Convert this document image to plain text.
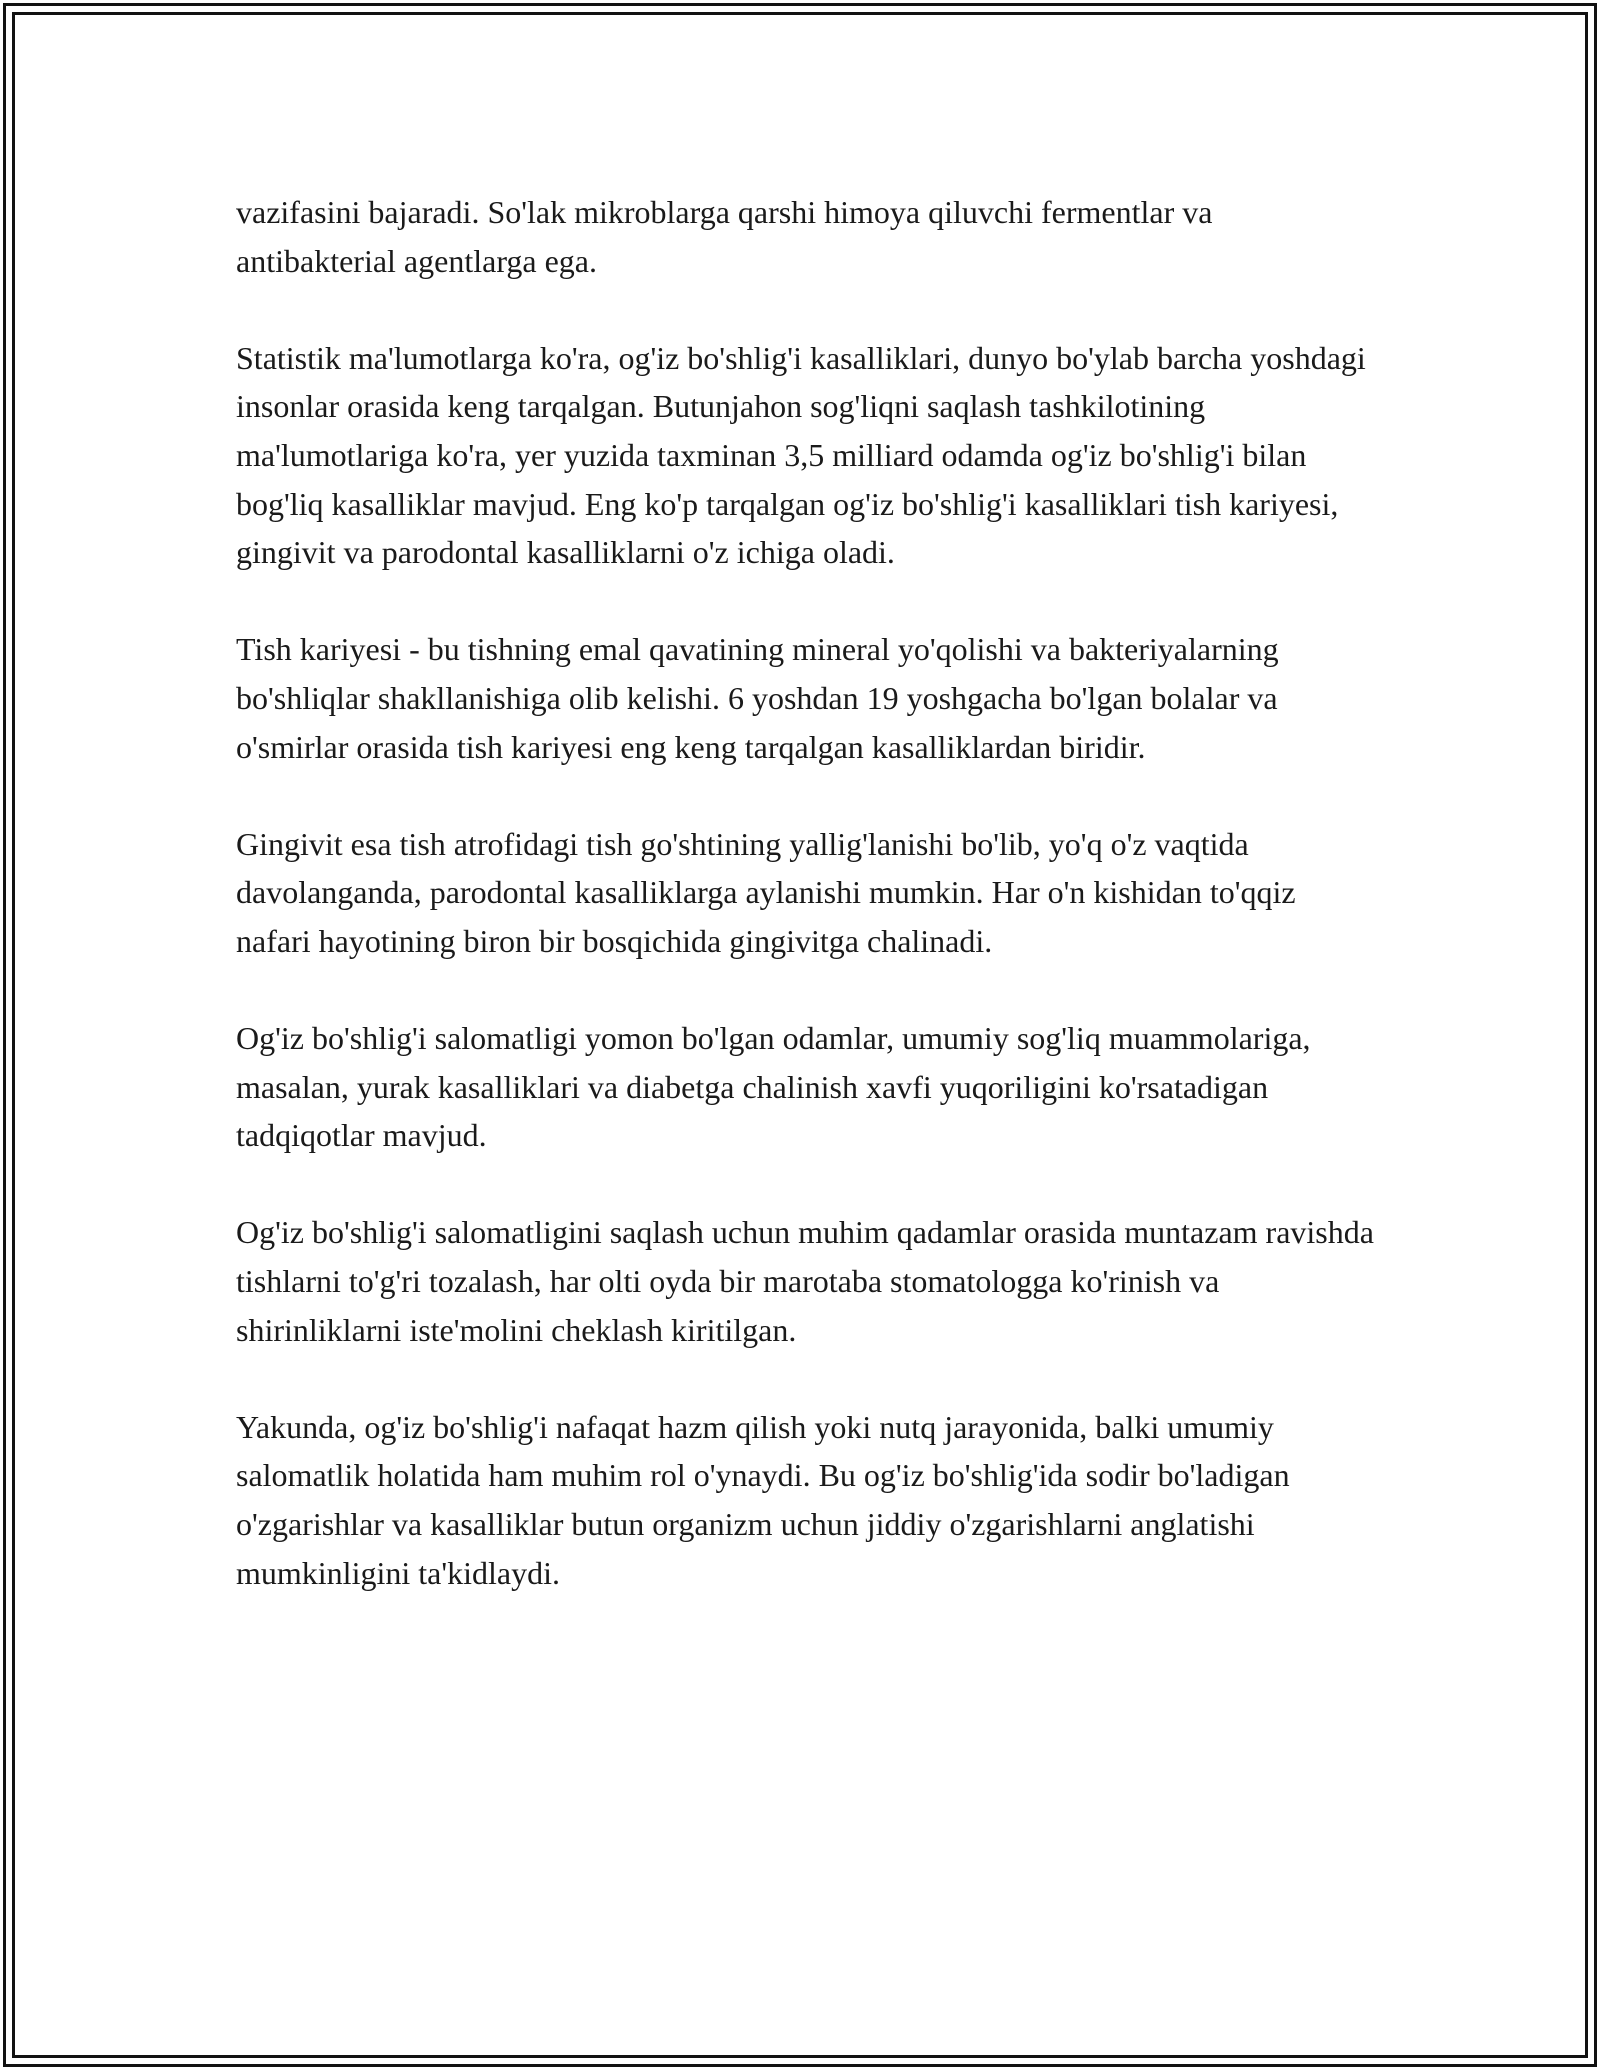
vazifasini bajaradi. So'lak mikroblarga qarshi himoya qiluvchi fermentlar va antibakterial agentlarga ega.

Statistik ma'lumotlarga ko'ra, og'iz bo'shlig'i kasalliklari, dunyo bo'ylab barcha yoshdagi insonlar orasida keng tarqalgan. Butunjahon sog'liqni saqlash tashkilotining ma'lumotlariga ko'ra, yer yuzida taxminan 3,5 milliard odamda og'iz bo'shlig'i bilan bog'liq kasalliklar mavjud. Eng ko'p tarqalgan og'iz bo'shlig'i kasalliklari tish kariyesi, gingivit va parodontal kasalliklarni o'z ichiga oladi.

Tish kariyesi - bu tishning emal qavatining mineral yo'qolishi va bakteriyalarning bo'shliqlar shakllanishiga olib kelishi. 6 yoshdan 19 yoshgacha bo'lgan bolalar va o'smirlar orasida tish kariyesi eng keng tarqalgan kasalliklardan biridir.

Gingivit esa tish atrofidagi tish go'shtining yallig'lanishi bo'lib, yo'q o'z vaqtida davolanganda, parodontal kasalliklarga aylanishi mumkin. Har o'n kishidan to'qqiz nafari hayotining biron bir bosqichida gingivitga chalinadi.

Og'iz bo'shlig'i salomatligi yomon bo'lgan odamlar, umumiy sog'liq muammolariga, masalan, yurak kasalliklari va diabetga chalinish xavfi yuqoriligini ko'rsatadigan tadqiqotlar mavjud.

Og'iz bo'shlig'i salomatligini saqlash uchun muhim qadamlar orasida muntazam ravishda tishlarni to'g'ri tozalash, har olti oyda bir marotaba stomatologga ko'rinish va shirinliklarni iste'molini cheklash kiritilgan.

Yakunda, og'iz bo'shlig'i nafaqat hazm qilish yoki nutq jarayonida, balki umumiy salomatlik holatida ham muhim rol o'ynaydi. Bu og'iz bo'shlig'ida sodir bo'ladigan o'zgarishlar va kasalliklar butun organizm uchun jiddiy o'zgarishlarni anglatishi mumkinligini ta'kidlaydi.
